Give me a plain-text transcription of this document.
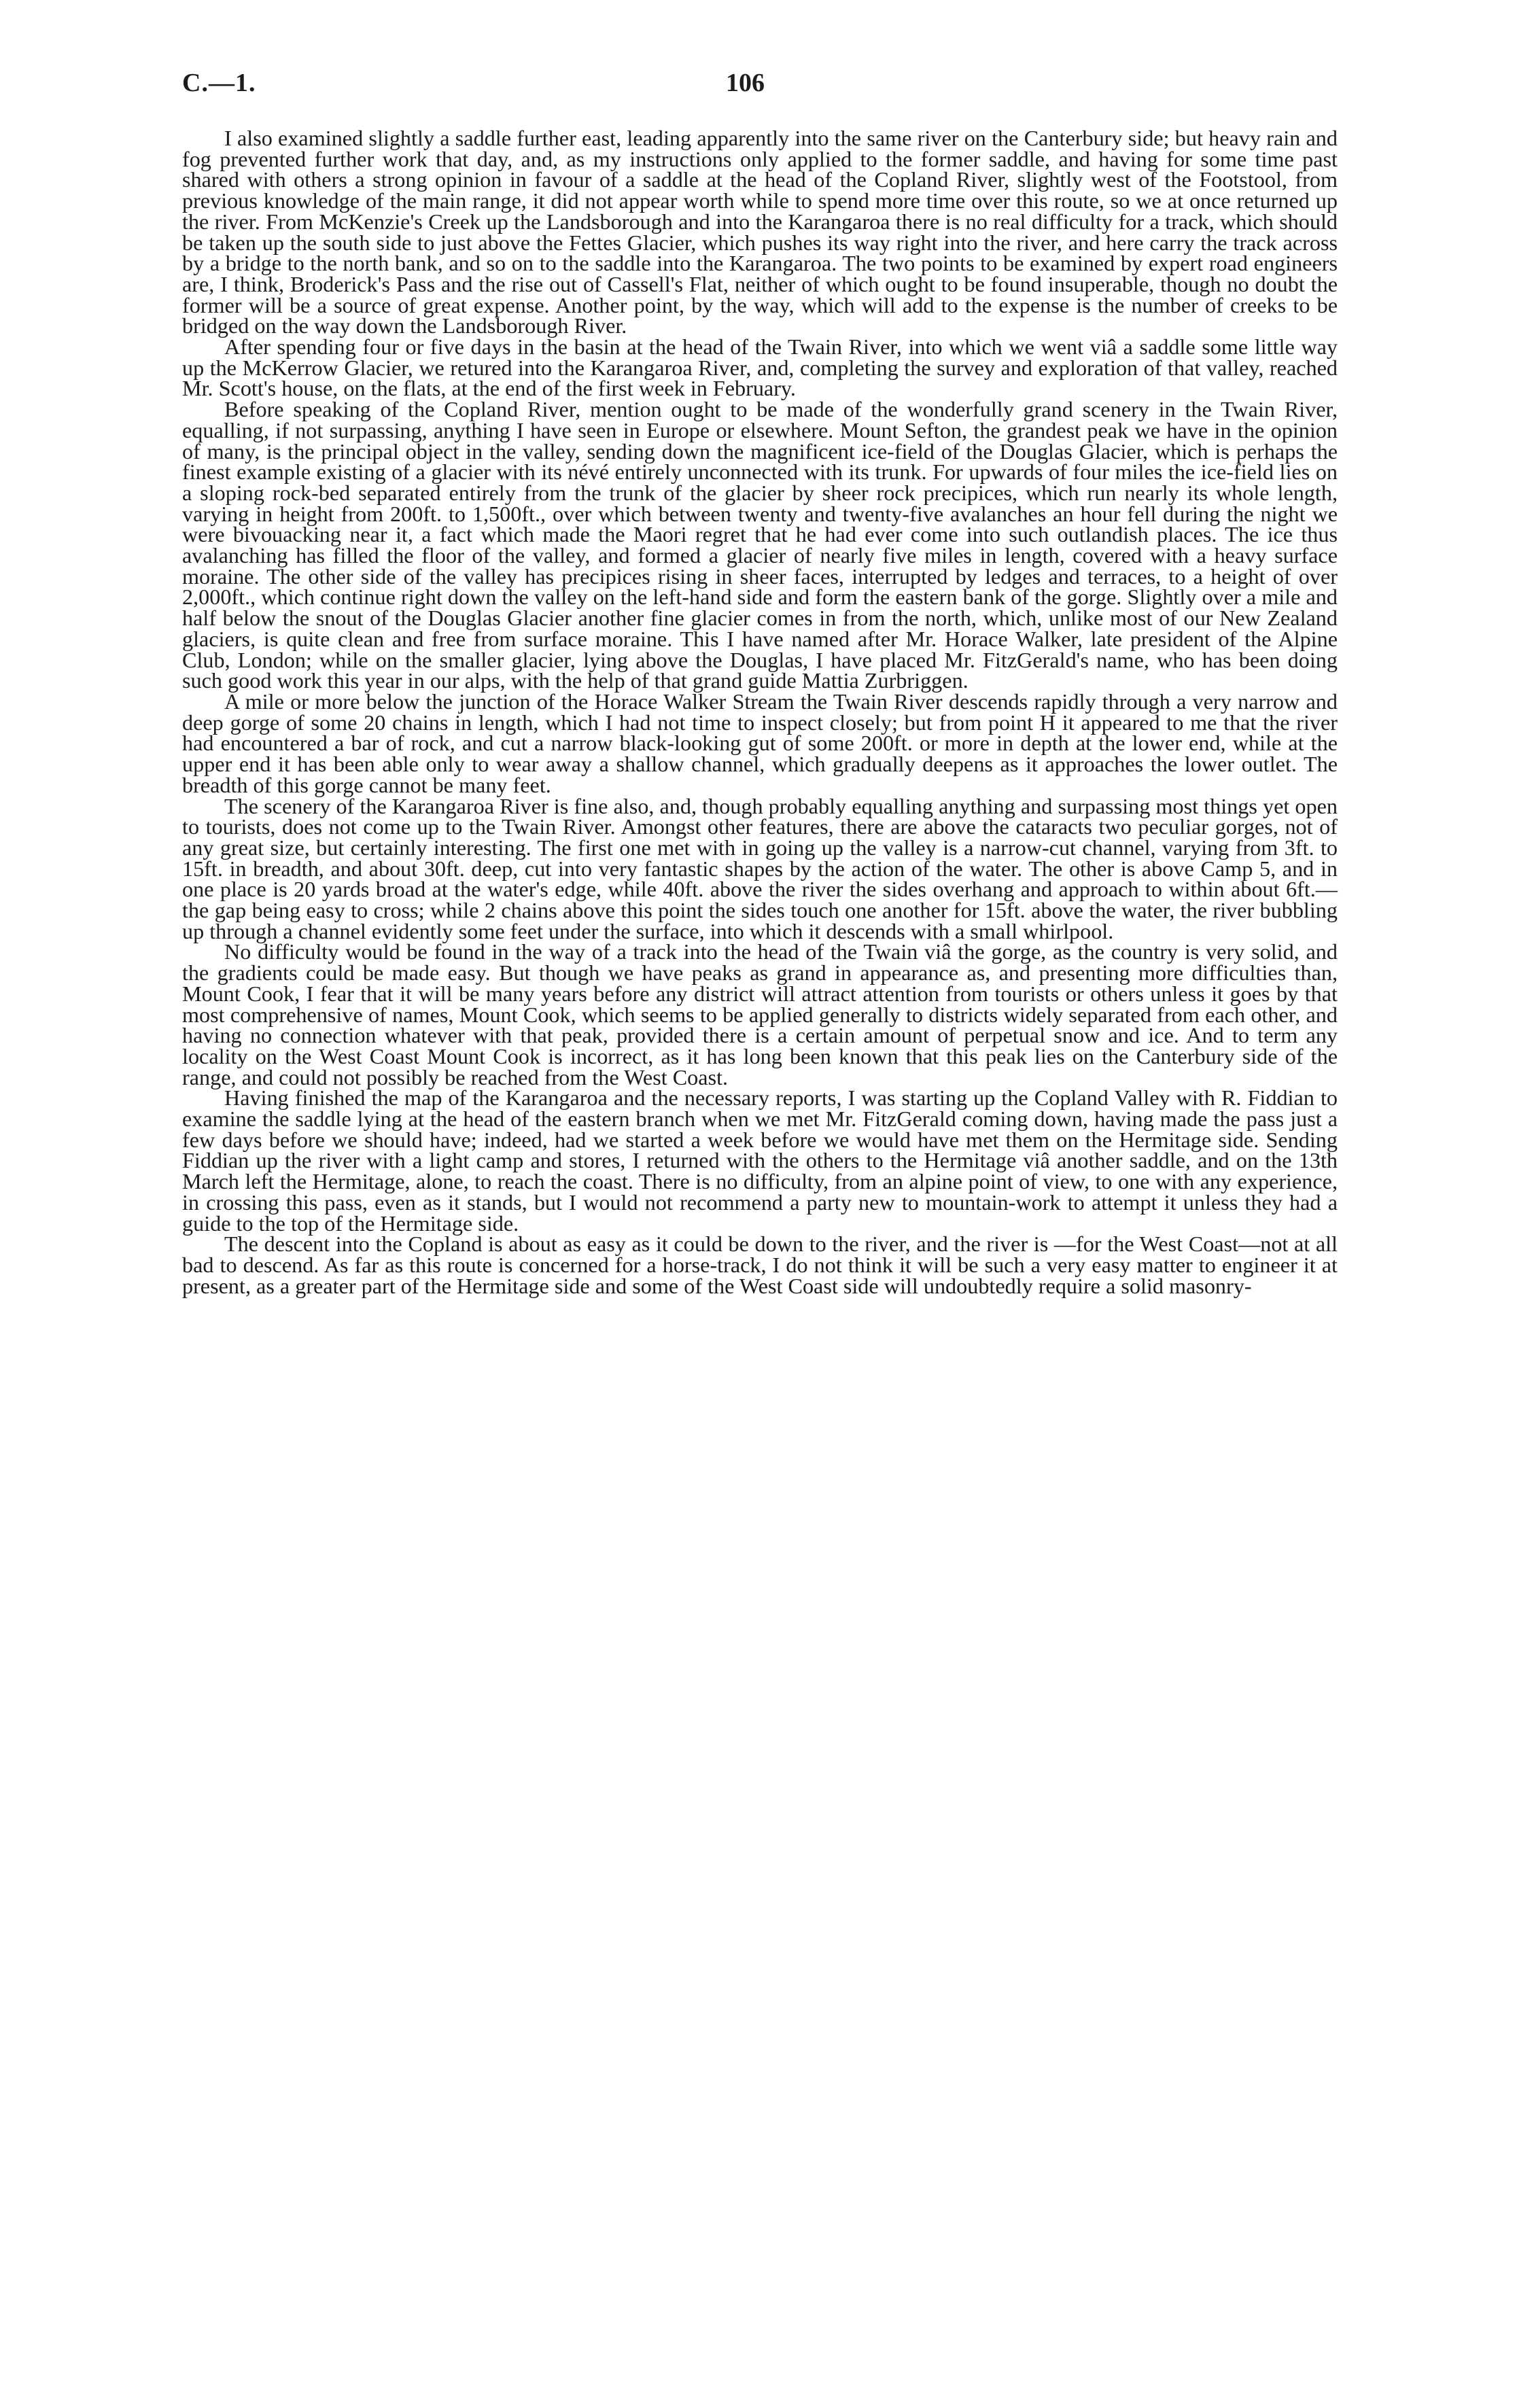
C.—1.	106

I also examined slightly a saddle further east, leading apparently into the same river on the Canterbury side; but heavy rain and fog prevented further work that day, and, as my instructions only applied to the former saddle, and having for some time past shared with others a strong opinion in favour of a saddle at the head of the Copland River, slightly west of the Footstool, from previous knowledge of the main range, it did not appear worth while to spend more time over this route, so we at once returned up the river. From McKenzie's Creek up the Landsborough and into the Karangaroa there is no real difficulty for a track, which should be taken up the south side to just above the Fettes Glacier, which pushes its way right into the river, and here carry the track across by a bridge to the north bank, and so on to the saddle into the Karangaroa. The two points to be examined by expert road engineers are, I think, Broderick's Pass and the rise out of Cassell's Flat, neither of which ought to be found insuperable, though no doubt the former will be a source of great expense. Another point, by the way, which will add to the expense is the number of creeks to be bridged on the way down the Landsborough River.

After spending four or five days in the basin at the head of the Twain River, into which we went viâ a saddle some little way up the McKerrow Glacier, we retured into the Karangaroa River, and, completing the survey and exploration of that valley, reached Mr. Scott's house, on the flats, at the end of the first week in February.

Before speaking of the Copland River, mention ought to be made of the wonderfully grand scenery in the Twain River, equalling, if not surpassing, anything I have seen in Europe or elsewhere. Mount Sefton, the grandest peak we have in the opinion of many, is the principal object in the valley, sending down the magnificent ice-field of the Douglas Glacier, which is perhaps the finest example existing of a glacier with its névé entirely unconnected with its trunk. For upwards of four miles the ice-field lies on a sloping rock-bed separated entirely from the trunk of the glacier by sheer rock precipices, which run nearly its whole length, varying in height from 200ft. to 1,500ft., over which between twenty and twenty-five avalanches an hour fell during the night we were bivouacking near it, a fact which made the Maori regret that he had ever come into such outlandish places. The ice thus avalanching has filled the floor of the valley, and formed a glacier of nearly five miles in length, covered with a heavy surface moraine. The other side of the valley has precipices rising in sheer faces, interrupted by ledges and terraces, to a height of over 2,000ft., which continue right down the valley on the left-hand side and form the eastern bank of the gorge. Slightly over a mile and half below the snout of the Douglas Glacier another fine glacier comes in from the north, which, unlike most of our New Zealand glaciers, is quite clean and free from surface moraine. This I have named after Mr. Horace Walker, late president of the Alpine Club, London; while on the smaller glacier, lying above the Douglas, I have placed Mr. FitzGerald's name, who has been doing such good work this year in our alps, with the help of that grand guide Mattia Zurbriggen.

A mile or more below the junction of the Horace Walker Stream the Twain River descends rapidly through a very narrow and deep gorge of some 20 chains in length, which I had not time to inspect closely; but from point H it appeared to me that the river had encountered a bar of rock, and cut a narrow black-looking gut of some 200ft. or more in depth at the lower end, while at the upper end it has been able only to wear away a shallow channel, which gradually deepens as it approaches the lower outlet. The breadth of this gorge cannot be many feet.

The scenery of the Karangaroa River is fine also, and, though probably equalling anything and surpassing most things yet open to tourists, does not come up to the Twain River. Amongst other features, there are above the cataracts two peculiar gorges, not of any great size, but certainly interesting. The first one met with in going up the valley is a narrow-cut channel, varying from 3ft. to 15ft. in breadth, and about 30ft. deep, cut into very fantastic shapes by the action of the water. The other is above Camp 5, and in one place is 20 yards broad at the water's edge, while 40ft. above the river the sides overhang and approach to within about 6ft.—the gap being easy to cross; while 2 chains above this point the sides touch one another for 15ft. above the water, the river bubbling up through a channel evidently some feet under the surface, into which it descends with a small whirlpool.

No difficulty would be found in the way of a track into the head of the Twain viâ the gorge, as the country is very solid, and the gradients could be made easy. But though we have peaks as grand in appearance as, and presenting more difficulties than, Mount Cook, I fear that it will be many years before any district will attract attention from tourists or others unless it goes by that most comprehensive of names, Mount Cook, which seems to be applied generally to districts widely separated from each other, and having no connection whatever with that peak, provided there is a certain amount of perpetual snow and ice. And to term any locality on the West Coast Mount Cook is incorrect, as it has long been known that this peak lies on the Canterbury side of the range, and could not possibly be reached from the West Coast.

Having finished the map of the Karangaroa and the necessary reports, I was starting up the Copland Valley with R. Fiddian to examine the saddle lying at the head of the eastern branch when we met Mr. FitzGerald coming down, having made the pass just a few days before we should have; indeed, had we started a week before we would have met them on the Hermitage side. Sending Fiddian up the river with a light camp and stores, I returned with the others to the Hermitage viâ another saddle, and on the 13th March left the Hermitage, alone, to reach the coast. There is no difficulty, from an alpine point of view, to one with any experience, in crossing this pass, even as it stands, but I would not recommend a party new to mountain-work to attempt it unless they had a guide to the top of the Hermitage side.

The descent into the Copland is about as easy as it could be down to the river, and the river is —for the West Coast—not at all bad to descend. As far as this route is concerned for a horse-track, I do not think it will be such a very easy matter to engineer it at present, as a greater part of the Hermitage side and some of the West Coast side will undoubtedly require a solid masonry-
